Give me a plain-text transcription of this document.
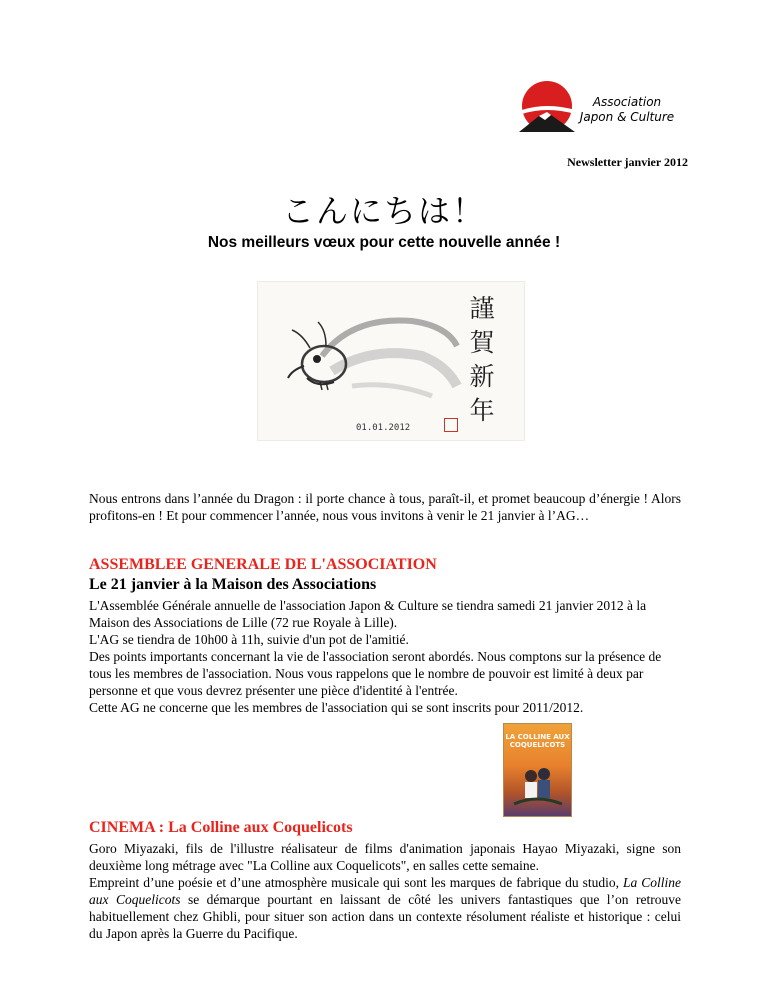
Association
Japon & Culture
Newsletter janvier 2012
こんにちは！
Nos meilleurs vœux pour cette nouvelle année !
謹
賀
新
年
01.01.2012
Nous entrons dans l’année du Dragon : il porte chance à tous, paraît-il, et promet beaucoup d’énergie ! Alors profitons-en ! Et pour commencer l’année, nous vous invitons à venir le 21 janvier à l’AG…
ASSEMBLEE GENERALE DE L'ASSOCIATION
Le 21 janvier à la Maison des Associations

L'Assemblée Générale annuelle de l'association Japon & Culture se tiendra samedi 21 janvier 2012 à la Maison des Associations de Lille (72 rue Royale à Lille).

L'AG se tiendra de 10h00 à 11h, suivie d'un pot de l'amitié.

Des points importants concernant la vie de l'association seront abordés. Nous comptons sur la présence de tous les membres de l'association. Nous vous rappelons que le nombre de pouvoir est limité à deux par personne et que vous devrez présenter une pièce d'identité à l'entrée.

Cette AG ne concerne que les membres de l'association qui se sont inscrits pour 2011/2012.

LA COLLINE AUX COQUELICOTS
CINEMA : La Colline aux Coquelicots

Goro Miyazaki, fils de l'illustre réalisateur de films d'animation japonais Hayao Miyazaki, signe son deuxième long métrage avec "La Colline aux Coquelicots", en salles cette semaine.

Empreint d’une poésie et d’une atmosphère musicale qui sont les marques de fabrique du studio, La Colline aux Coquelicots se démarque pourtant en laissant de côté les univers fantastiques que l’on retrouve habituellement chez Ghibli, pour situer son action dans un contexte résolument réaliste et historique : celui du Japon après la Guerre du Pacifique.
